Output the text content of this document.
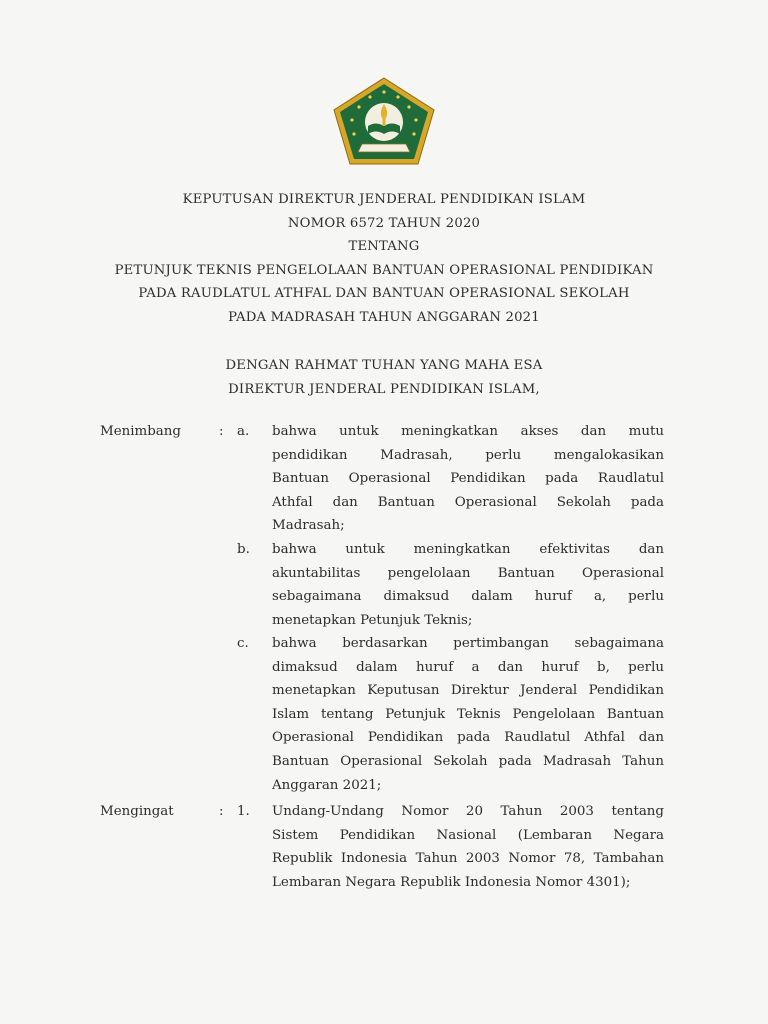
KEPUTUSAN DIREKTUR JENDERAL PENDIDIKAN ISLAM
NOMOR 6572 TAHUN 2020
TENTANG
PETUNJUK TEKNIS PENGELOLAAN BANTUAN OPERASIONAL PENDIDIKAN
PADA RAUDLATUL ATHFAL DAN BANTUAN OPERASIONAL SEKOLAH
PADA MADRASAH TAHUN ANGGARAN 2021
DENGAN RAHMAT TUHAN YANG MAHA ESA
DIREKTUR JENDERAL PENDIDIKAN ISLAM,
Menimbang	: a. bahwa untuk meningkatkan akses dan mutu
pendidikan Madrasah, perlu mengalokasikan
Bantuan Operasional Pendidikan pada Raudlatul
Athfal dan Bantuan Operasional Sekolah pada
Madrasah;
b. bahwa untuk meningkatkan efektivitas dan
akuntabilitas pengelolaan Bantuan Operasional
sebagaimana dimaksud dalam huruf a, perlu
menetapkan Petunjuk Teknis;
c. bahwa berdasarkan pertimbangan sebagaimana
dimaksud dalam huruf a dan huruf b, perlu
menetapkan Keputusan Direktur Jenderal Pendidikan
Islam tentang Petunjuk Teknis Pengelolaan Bantuan
Operasional Pendidikan pada Raudlatul Athfal dan
Bantuan Operasional Sekolah pada Madrasah Tahun
Anggaran 2021;
Mengingat	: 1. Undang-Undang Nomor 20 Tahun 2003 tentang
Sistem Pendidikan Nasional (Lembaran Negara
Republik Indonesia Tahun 2003 Nomor 78, Tambahan
Lembaran Negara Republik Indonesia Nomor 4301);
